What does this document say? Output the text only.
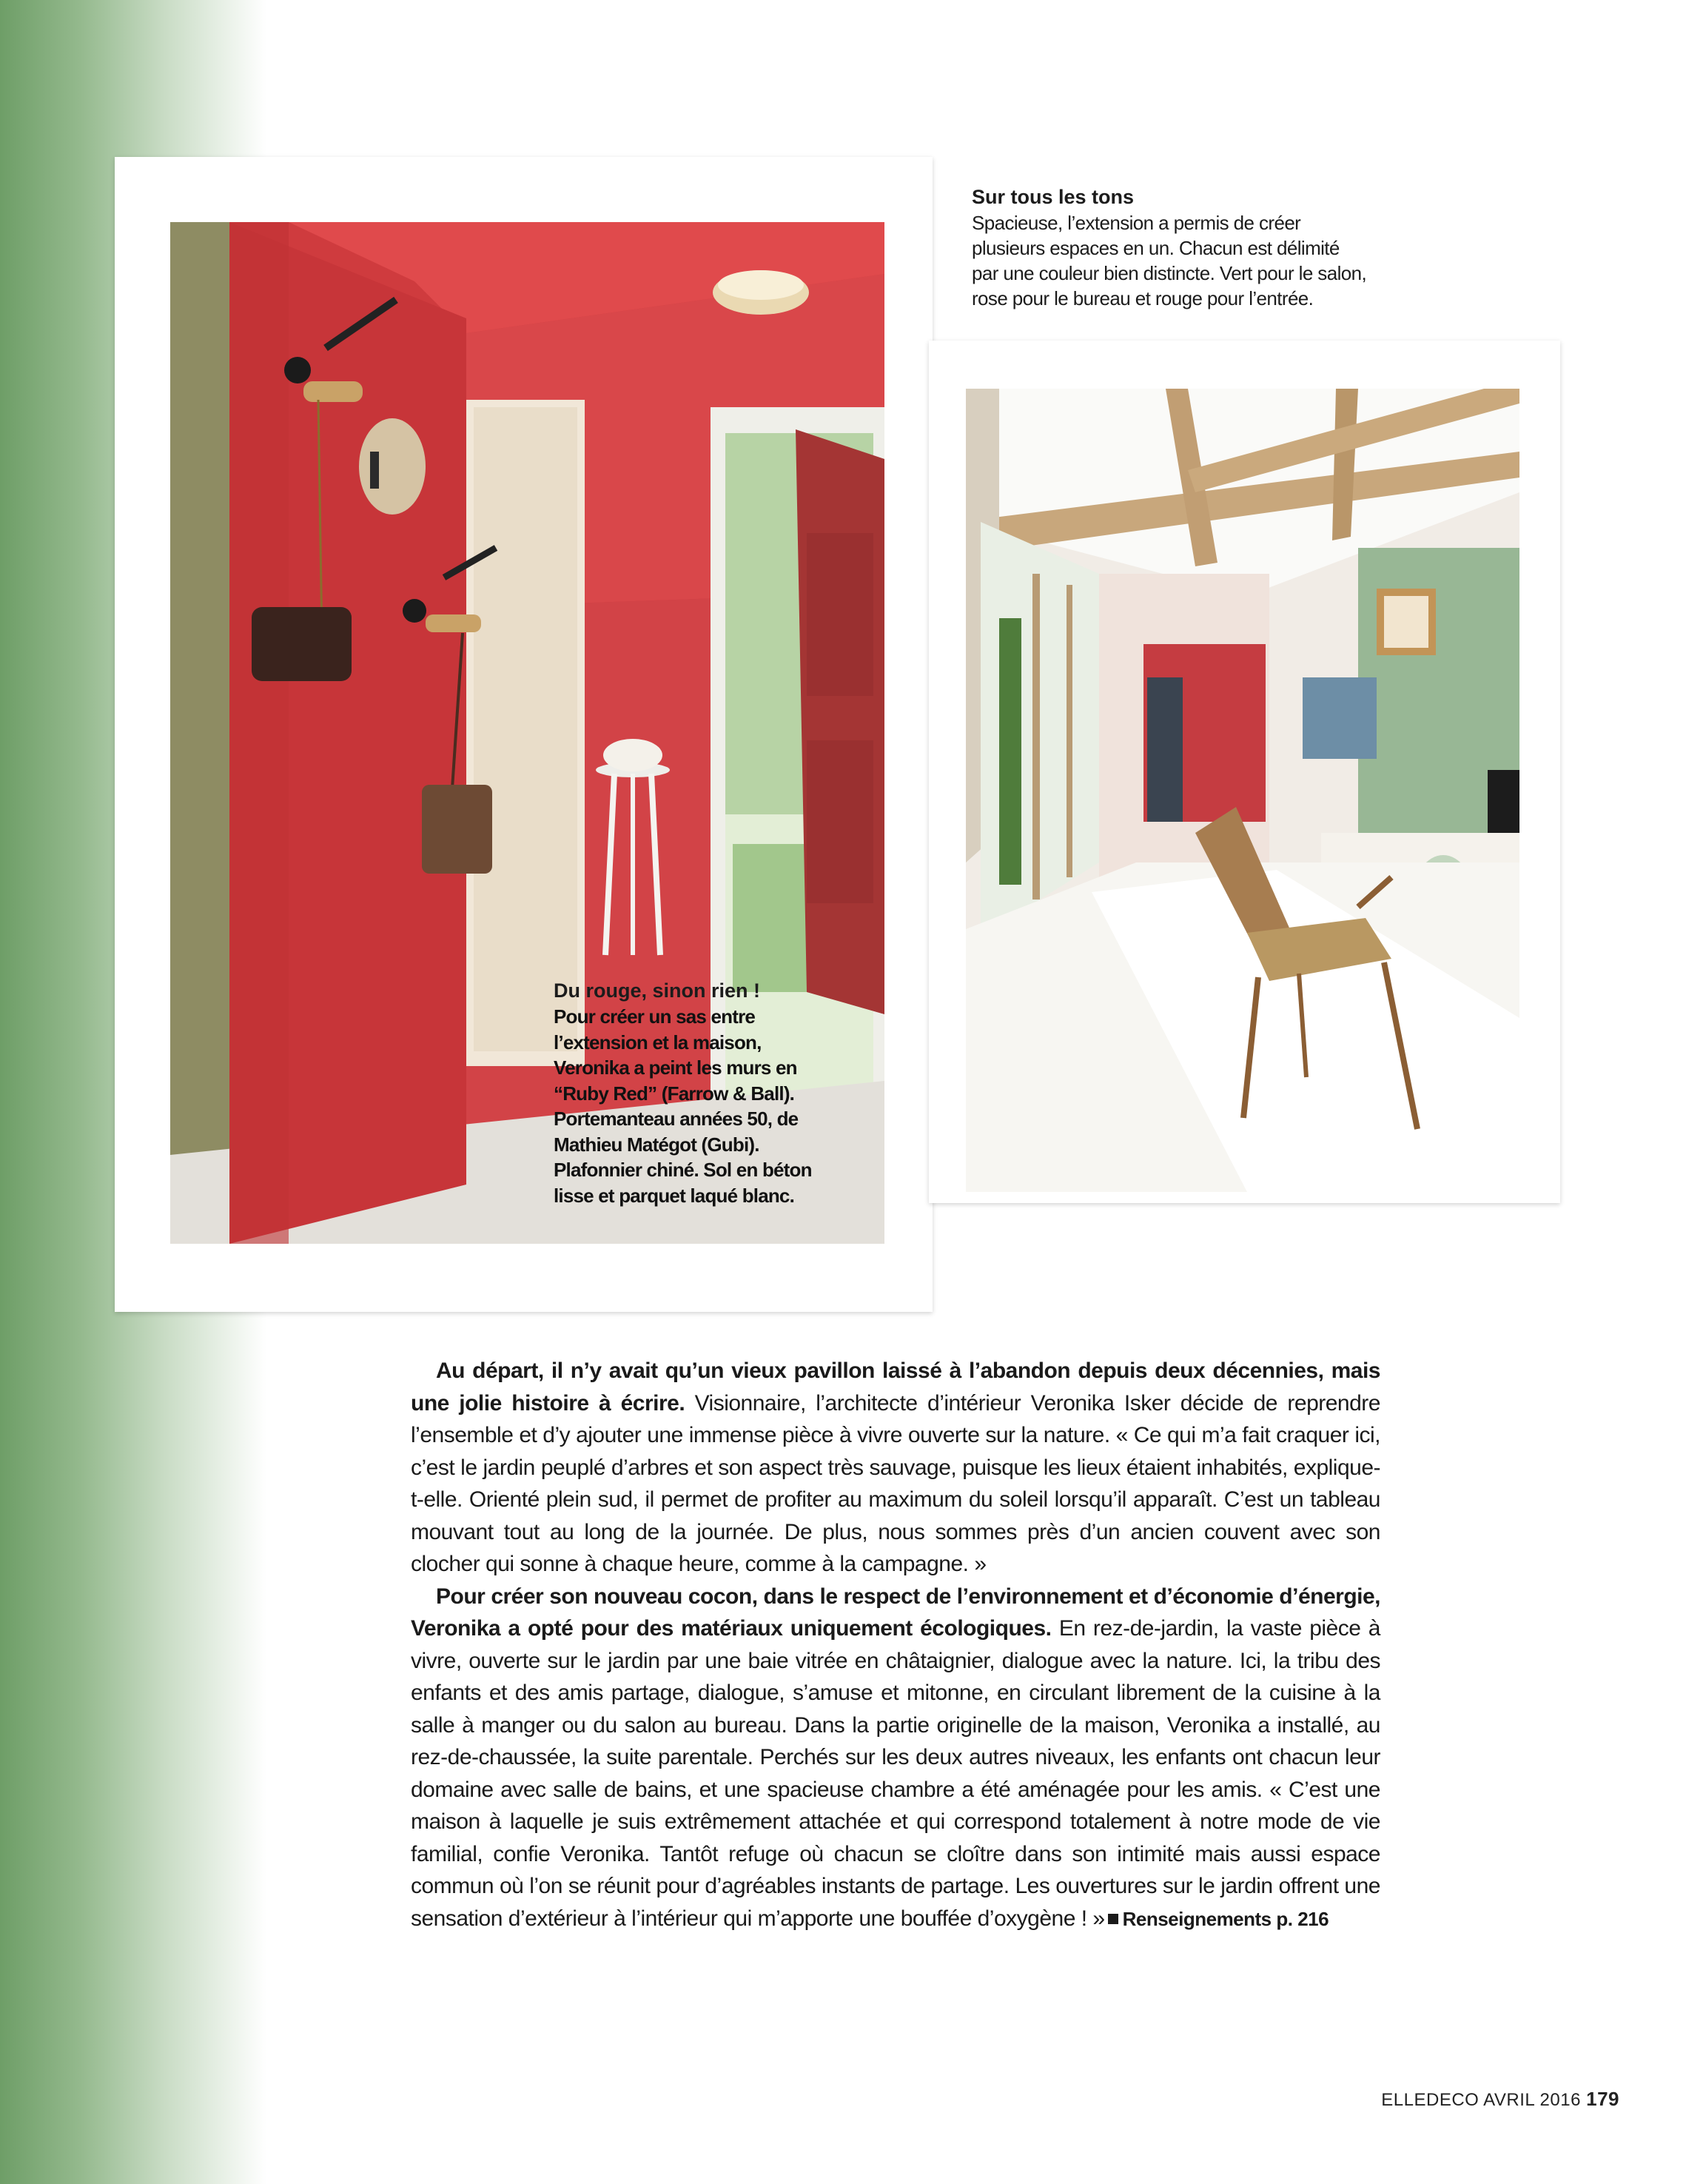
Sur tous les tons
Spacieuse, l’extension a permis de créer
plusieurs espaces en un. Chacun est délimité
par une couleur bien distincte. Vert pour le salon,
rose pour le bureau et rouge pour l’entrée.
Du rouge, sinon rien !
Pour créer un sas entre
l’extension et la maison,
Veronika a peint les murs en
“Ruby Red” (Farrow & Ball).
Portemanteau années 50, de
Mathieu Matégot (Gubi).
Plafonnier chiné. Sol en béton
lisse et parquet laqué blanc.

Au départ, il n’y avait qu’un vieux pavillon laissé à l’abandon depuis deux décennies, mais une jolie histoire à écrire. Visionnaire, l’architecte d’intérieur Veronika Isker décide de reprendre l’ensemble et d’y ajouter une immense pièce à vivre ouverte sur la nature. « Ce qui m’a fait craquer ici, c’est le jardin peuplé d’arbres et son aspect très sauvage, puisque les lieux étaient inhabités, explique-t-elle. Orienté plein sud, il permet de profiter au maximum du soleil lorsqu’il apparaît. C’est un tableau mouvant tout au long de la journée. De plus, nous sommes près d’un ancien couvent avec son clocher qui sonne à chaque heure, comme à la campagne. »

Pour créer son nouveau cocon, dans le respect de l’environnement et d’économie d’énergie, Veronika a opté pour des matériaux uniquement écologiques. En rez-de-jardin, la vaste pièce à vivre, ouverte sur le jardin par une baie vitrée en châtaignier, dialogue avec la nature. Ici, la tribu des enfants et des amis partage, dialogue, s’amuse et mitonne, en circulant librement de la cuisine à la salle à manger ou du salon au bureau. Dans la partie originelle de la maison, Veronika a installé, au rez-de-chaussée, la suite parentale. Perchés sur les deux autres niveaux, les enfants ont chacun leur domaine avec salle de bains, et une spacieuse chambre a été aménagée pour les amis. « C’est une maison à laquelle je suis extrêmement attachée et qui correspond totalement à notre mode de vie familial, confie Veronika. Tantôt refuge où chacun se cloître dans son intimité mais aussi espace commun où l’on se réunit pour d’agréables instants de partage. Les ouvertures sur le jardin offrent une sensation d’extérieur à l’intérieur qui m’apporte une bouffée d’oxygène ! » Renseignements p. 216

ELLEDECO AVRIL 2016 179
